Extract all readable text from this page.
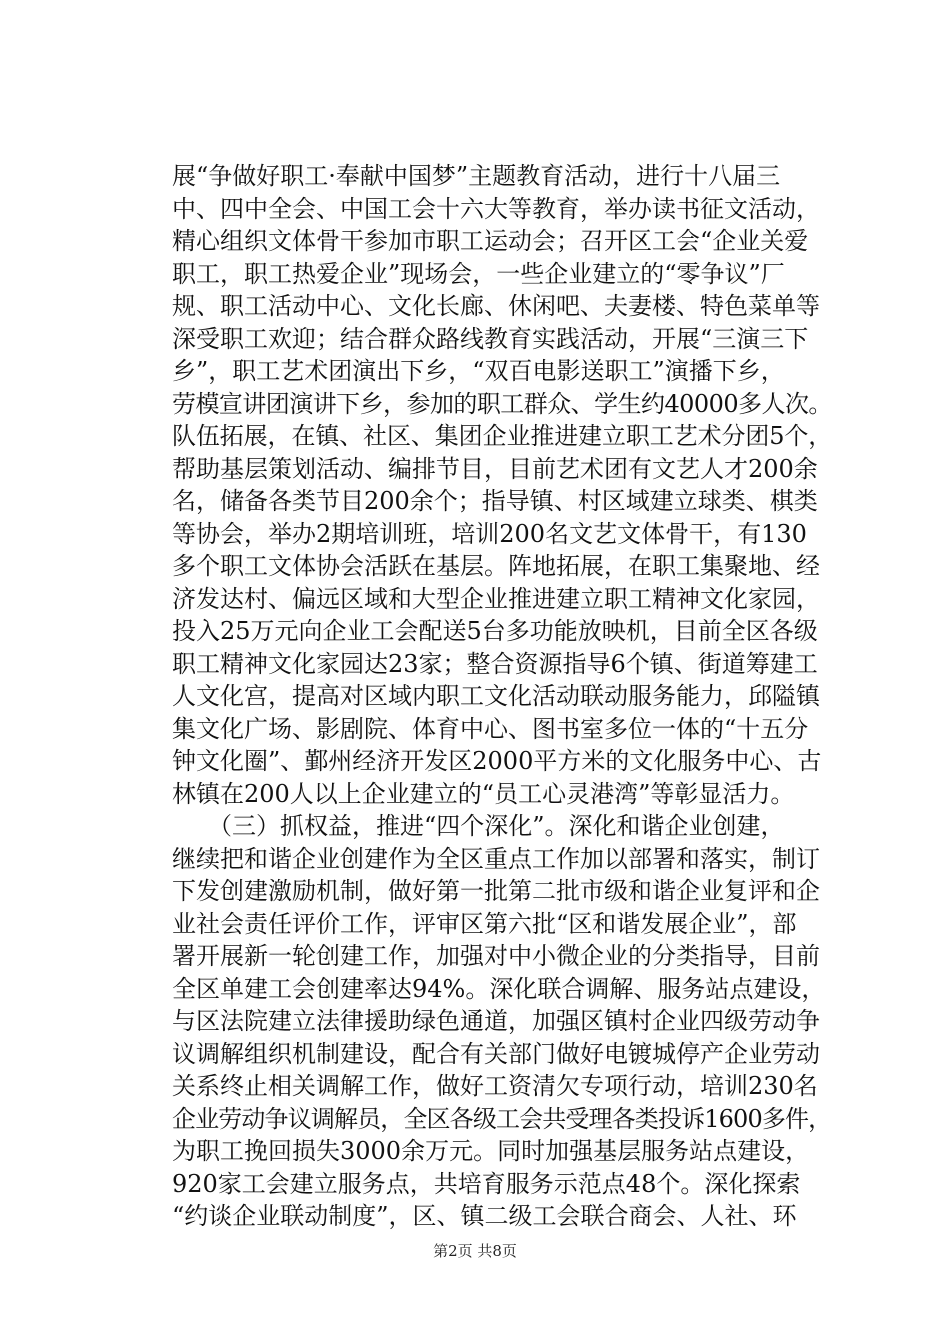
展“争做好职工·奉献中国梦”主题教育活动，进行十八届三
中、四中全会、中国工会十六大等教育，举办读书征文活动，
精心组织文体骨干参加市职工运动会；召开区工会“企业关爱
职工，职工热爱企业”现场会，一些企业建立的“零争议”厂
规、职工活动中心、文化长廊、休闲吧、夫妻楼、特色菜单等
深受职工欢迎；结合群众路线教育实践活动，开展“三演三下
乡”，职工艺术团演出下乡，“双百电影送职工”演播下乡，
劳模宣讲团演讲下乡，参加的职工群众、学生约40000多人次。
队伍拓展，在镇、社区、集团企业推进建立职工艺术分团5个，
帮助基层策划活动、编排节目，目前艺术团有文艺人才200余
名，储备各类节目200余个；指导镇、村区域建立球类、棋类
等协会，举办2期培训班，培训200名文艺文体骨干，有130
多个职工文体协会活跃在基层。阵地拓展，在职工集聚地、经
济发达村、偏远区域和大型企业推进建立职工精神文化家园，
投入25万元向企业工会配送5台多功能放映机，目前全区各级
职工精神文化家园达23家；整合资源指导6个镇、街道筹建工
人文化宫，提高对区域内职工文化活动联动服务能力，邱隘镇
集文化广场、影剧院、体育中心、图书室多位一体的“十五分
钟文化圈”、鄞州经济开发区2000平方米的文化服务中心、古
林镇在200人以上企业建立的“员工心灵港湾”等彰显活力。
　　（三）抓权益，推进“四个深化”。深化和谐企业创建，
继续把和谐企业创建作为全区重点工作加以部署和落实，制订
下发创建激励机制，做好第一批第二批市级和谐企业复评和企
业社会责任评价工作，评审区第六批“区和谐发展企业”，部
署开展新一轮创建工作，加强对中小微企业的分类指导，目前
全区单建工会创建率达94%。深化联合调解、服务站点建设，
与区法院建立法律援助绿色通道，加强区镇村企业四级劳动争
议调解组织机制建设，配合有关部门做好电镀城停产企业劳动
关系终止相关调解工作，做好工资清欠专项行动，培训230名
企业劳动争议调解员，全区各级工会共受理各类投诉1600多件，
为职工挽回损失3000余万元。同时加强基层服务站点建设，
920家工会建立服务点，共培育服务示范点48个。深化探索
“约谈企业联动制度”，区、镇二级工会联合商会、人社、环
第2页 共8页
